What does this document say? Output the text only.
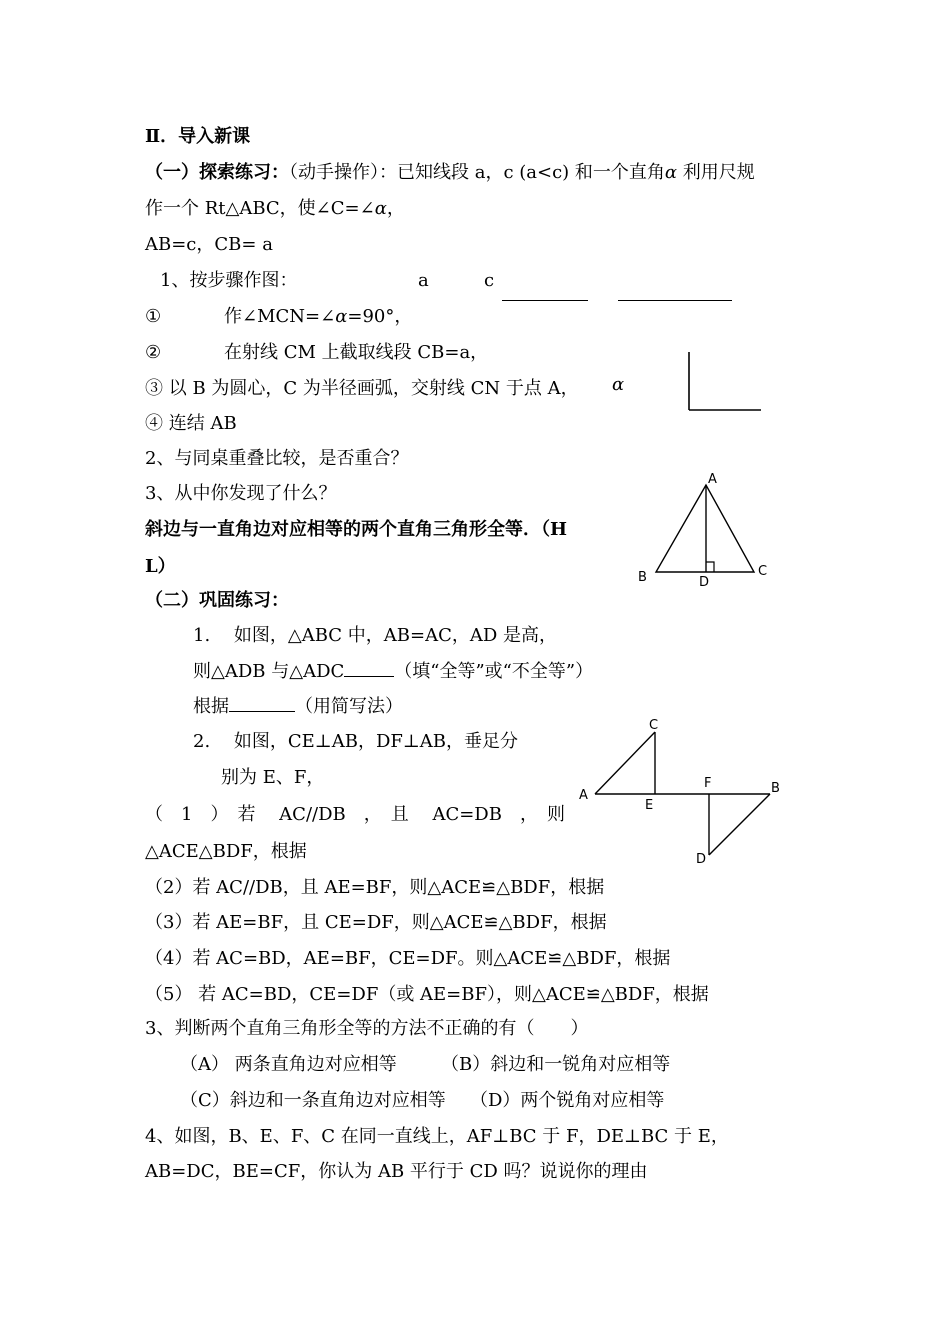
Ⅱ．导入新课
（一）探索练习：（动手操作）：已知线段 a，c (a<c) 和一个直角α 利用尺规
作一个 Rt△ABC，使∠C=∠α，
AB=c，CB= a
1、按步骤作图：	a	c
①	作∠MCN=∠α=90°，
②	在射线 CM 上截取线段 CB=a，
③ 以 B 为圆心，C 为半径画弧，交射线 CN 于点 A， α
④ 连结 AB
2、与同桌重叠比较，是否重合？
3、从中你发现了什么？
斜边与一直角边对应相等的两个直角三角形全等．（H
L）
A
B	C
D
（二）巩固练习：
1.　 如图，△ABC 中，AB=AC，AD 是高，
则△ADB 与△ADC	（填“全等”或“不全等”）
根据	（用简写法）
2.　 如图，CE⊥AB，DF⊥AB，垂足分
别为 E、F，
（　1　）　若　 AC//DB　，　且　 AC=DB　，　则
△ACE△BDF，根据
（2）若 AC//DB，且 AE=BF，则△ACE≌△BDF，根据
（3）若 AE=BF，且 CE=DF，则△ACE≌△BDF，根据
（4）若 AC=BD，AE=BF，CE=DF。则△ACE≌△BDF，根据
（5） 若 AC=BD，CE=DF（或 AE=BF），则△ACE≌△BDF，根据
3、判断两个直角三角形全等的方法不正确的有（　　）
（A） 两条直角边对应相等 （B）斜边和一锐角对应相等
（C）斜边和一条直角边对应相等 （D）两个锐角对应相等
4、如图，B、E、F、C 在同一直线上，AF⊥BC 于 F，DE⊥BC 于 E，
AB=DC，BE=CF，你认为 AB 平行于 CD 吗？说说你的理由
A	B
C
D
E
F
